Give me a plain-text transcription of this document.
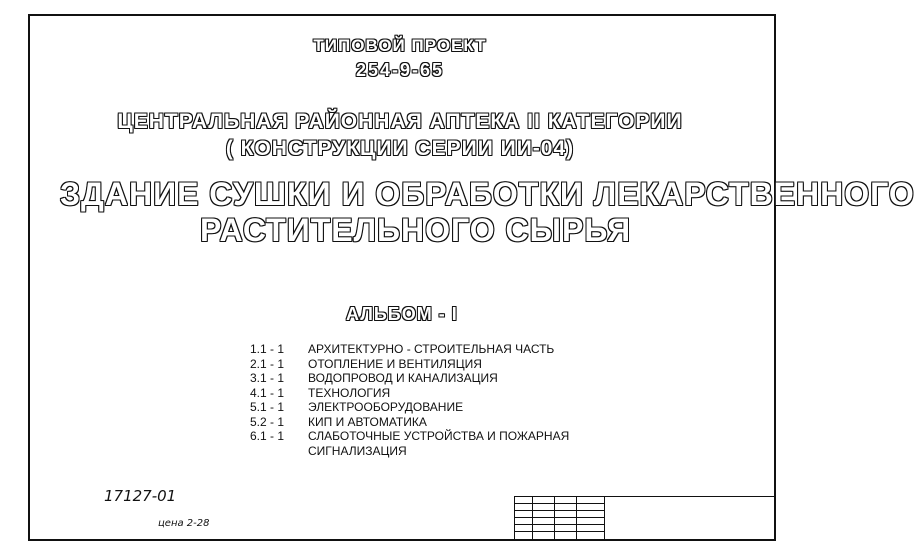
ТИПОВОЙ ПРОЕКТ
254-9-65
ЦЕНТРАЛЬНАЯ РАЙОННАЯ АПТЕКА II КАТЕГОРИИ
( КОНСТРУКЦИИ СЕРИИ ИИ-04)
ЗДАНИЕ СУШКИ И ОБРАБОТКИ ЛЕКАРСТВЕННОГО
РАСТИТЕЛЬНОГО СЫРЬЯ
АЛЬБОМ - I
1.1 - 1	АРХИТЕКТУРНО - СТРОИТЕЛЬНАЯ ЧАСТЬ
2.1 - 1	ОТОПЛЕНИЕ И ВЕНТИЛЯЦИЯ
3.1 - 1	ВОДОПРОВОД И КАНАЛИЗАЦИЯ
4.1 - 1	ТЕХНОЛОГИЯ
5.1 - 1	ЭЛЕКТРООБОРУДОВАНИЕ
5.2 - 1	КИП И АВТОМАТИКА
6.1 - 1	СЛАБОТОЧНЫЕ УСТРОЙСТВА И ПОЖАРНАЯ
СИГНАЛИЗАЦИЯ
17127-01
цена 2-28
